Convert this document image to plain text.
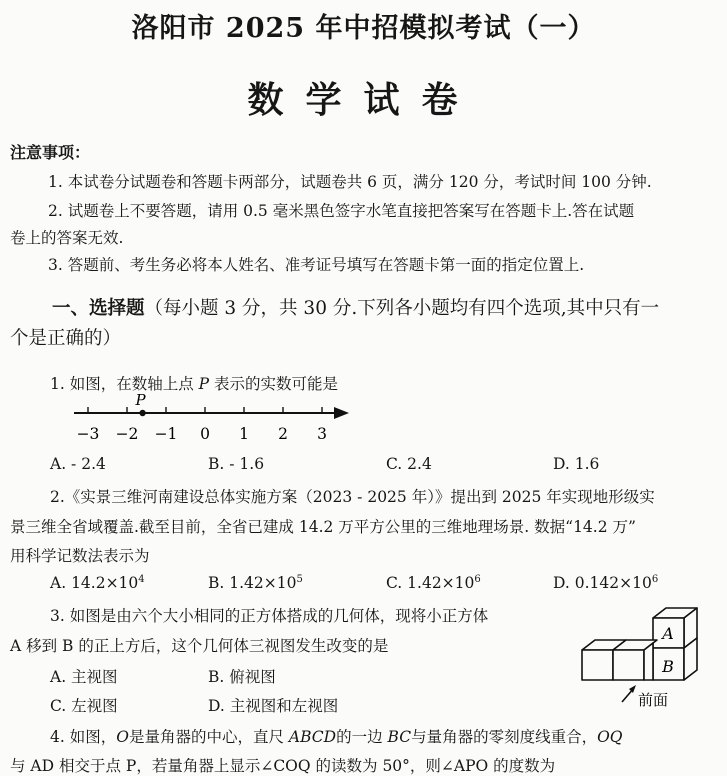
洛阳市 2025 年中招模拟考试（一）
数学试卷
注意事项：
1. 本试卷分试题卷和答题卡两部分，试题卷共 6 页，满分 120 分，考试时间 100 分钟.
2. 试题卷上不要答题，请用 0.5 毫米黑色签字水笔直接把答案写在答题卡上.答在试题
卷上的答案无效.
3. 答题前、考生务必将本人姓名、准考证号填写在答题卡第一面的指定位置上.
一、选择题（每小题 3 分，共 30 分.下列各小题均有四个选项,其中只有一
个是正确的）
1. 如图，在数轴上点 P 表示的实数可能是
−3 −2 −1 0 1 2 3
P
A. - 2.4	B. - 1.6	C. 2.4	D. 1.6
2.《实景三维河南建设总体实施方案（2023 - 2025 年）》提出到 2025 年实现地形级实
景三维全省域覆盖.截至目前，全省已建成 14.2 万平方公里的三维地理场景. 数据“14.2 万”
用科学记数法表示为
A. $14.2\times 10^4$	B. $1.42\times 10^5$	C. $1.42\times 10^6$	D. $0.142\times 10^6$
3. 如图是由六个大小相同的正方体搭成的几何体，现将小正方体
A 移到 B 的正上方后，这个几何体三视图发生改变的是
A. 主视图	B. 俯视图
C. 左视图	D. 主视图和左视图
A
B
前面
4. 如图，O是量角器的中心，直尺 ABCD的一边 BC与量角器的零刻度线重合，OQ
与 AD 相交于点 P，若量角器上显示∠COQ 的读数为 50°，则∠APO 的度数为
